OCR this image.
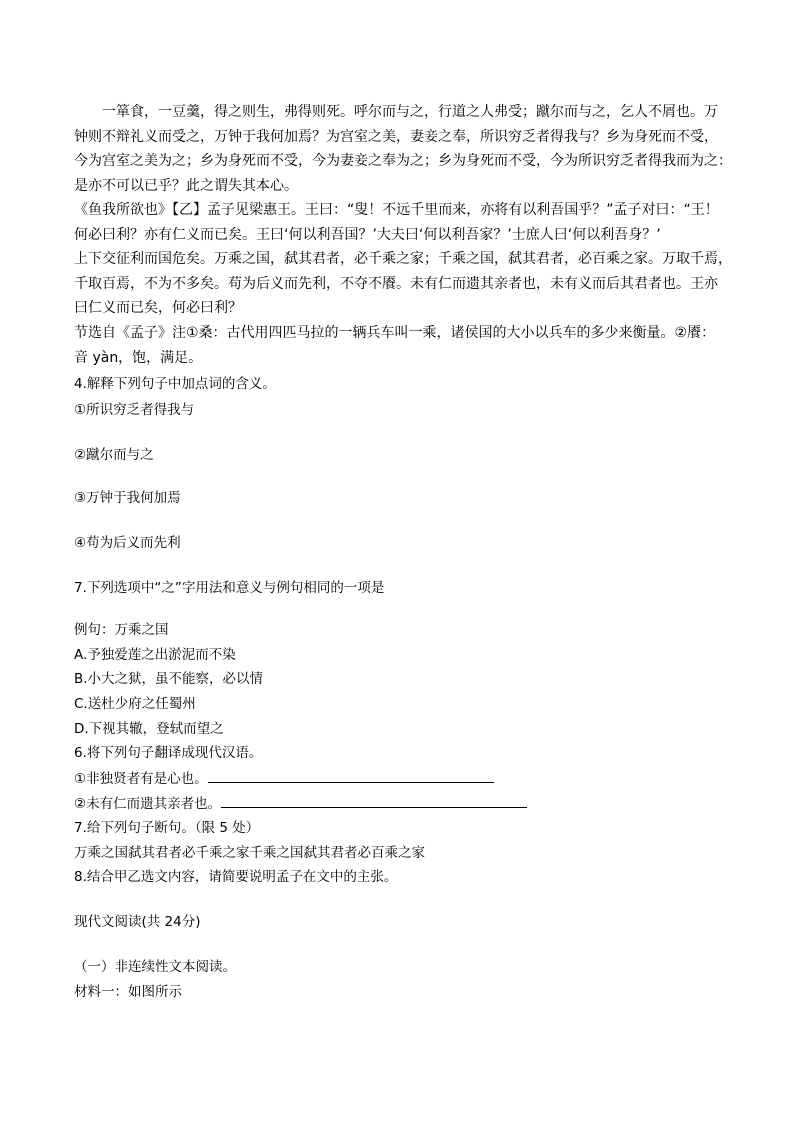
一箪食，一豆羹，得之则生，弗得则死。呼尔而与之，行道之人弗受；蹴尔而与之，乞人不屑也。万

钟则不辩礼义而受之，万钟于我何加焉？为宫室之美，妻妾之奉，所识穷乏者得我与？乡为身死而不受，

今为宫室之美为之；乡为身死而不受，今为妻妾之奉为之；乡为身死而不受，今为所识穷乏者得我而为之：

是亦不可以已乎？此之谓失其本心。

《鱼我所欲也》【乙】孟子见梁惠王。王曰：“叟！不远千里而来，亦将有以利吾国乎？”孟子对曰：“王！

何必曰利？亦有仁义而已矣。王曰‘何以利吾国？’大夫曰‘何以利吾家？’士庶人曰‘何以利吾身？’

上下交征利而国危矣。万乘之国，弑其君者，必千乘之家；千乘之国，弑其君者，必百乘之家。万取千焉，

千取百焉，不为不多矣。苟为后义而先利，不夺不餍。未有仁而遗其亲者也，未有义而后其君者也。王亦

曰仁义而已矣，何必曰利？

节选自《孟子》注①桑：古代用四匹马拉的一辆兵车叫一乘，诸侯国的大小以兵车的多少来衡量。②餍：

音 yàn，饱，满足。

4.解释下列句子中加点词的含义。
①所识穷乏者得我与
②蹴尔而与之
③万钟于我何加焉
④苟为后义而先利
7.下列选项中“之”字用法和意义与例句相同的一项是
例句：万乘之国
A.予独爱莲之出淤泥而不染
B.小大之狱，虽不能察，必以情
C.送杜少府之任蜀州
D.下视其辙，登轼而望之
6.将下列句子翻译成现代汉语。
①非独贤者有是心也。
②未有仁而遗其亲者也。
7.给下列句子断句。（限 5 处）
万乘之国弑其君者必千乘之家千乘之国弑其君者必百乘之家
8.结合甲乙选文内容，请简要说明孟子在文中的主张。
现代文阅读(共 24分)
（一）非连续性文本阅读。
材料一：如图所示
